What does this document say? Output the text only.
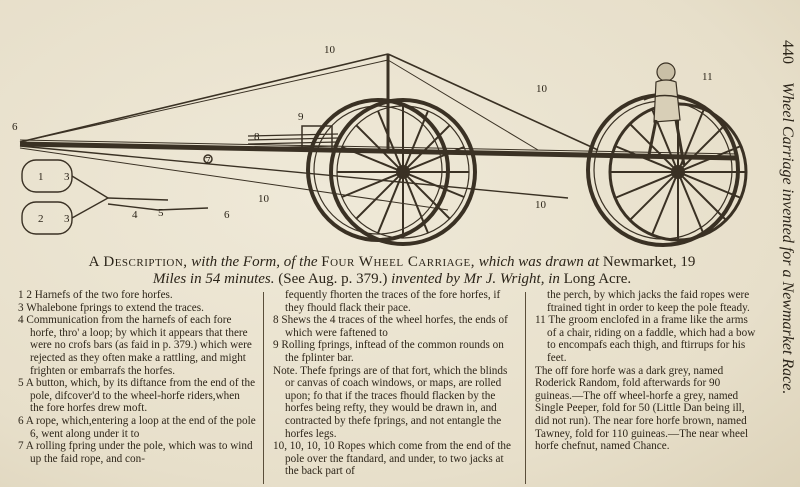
10
10
10	10
11
6
6
9
8
7
5
4
1 3
2 3
440 Wheel Carriage invented for a Newmarket Race.
A Description, with the Form, of the Four Wheel Carriage, which was drawn at Newmarket, 19
Miles in 54 minutes. (See Aug. p. 379.) invented by Mr J. Wright, in Long Acre.

1 2 Harnefs of the two fore horfes.

3 Whalebone fprings to extend the traces.

4 Communication from the harnefs of each fore horfe, thro' a loop; by which it appears that there were no crofs bars (as faid in p. 379.) which were rejected as they often make a rattling, and might frighten or embarrafs the horfes.

5 A button, which, by its diftance from the end of the pole, difcover'd to the wheel-horfe riders,when the fore horfes drew moft.

6 A rope, which,entering a loop at the end of the pole 6, went along under it to

7 A rolling fpring under the pole, which was to wind up the faid rope, and con-

fequently fhorten the traces of the fore horfes, if they fhould flack their pace.

8 Shews the 4 traces of the wheel horfes, the ends of which were faftened to

9 Rolling fprings, inftead of the common rounds on the fplinter bar.

Note. Thefe fprings are of that fort, which the blinds or canvas of coach windows, or maps, are rolled upon; fo that if the traces fhould flacken by the horfes being refty, they would be drawn in, and contracted by thefe fprings, and not entangle the horfes legs.

10, 10, 10, 10 Ropes which come from the end of the pole over the ftandard, and under, to two jacks at the back part of

the perch, by which jacks the faid ropes were ftrained tight in order to keep the pole fteady.

11 The groom enclofed in a frame like the arms of a chair, riding on a faddle, which had a bow to encompafs each thigh, and ftirrups for his feet.

The off fore horfe was a dark grey, named Roderick Random, fold afterwards for 90 guineas.—The off wheel-horfe a grey, named Single Peeper, fold for 50 (Little Dan being ill, did not run). The near fore horfe brown, named Tawney, fold for 110 guineas.—The near wheel horfe chefnut, named Chance.
